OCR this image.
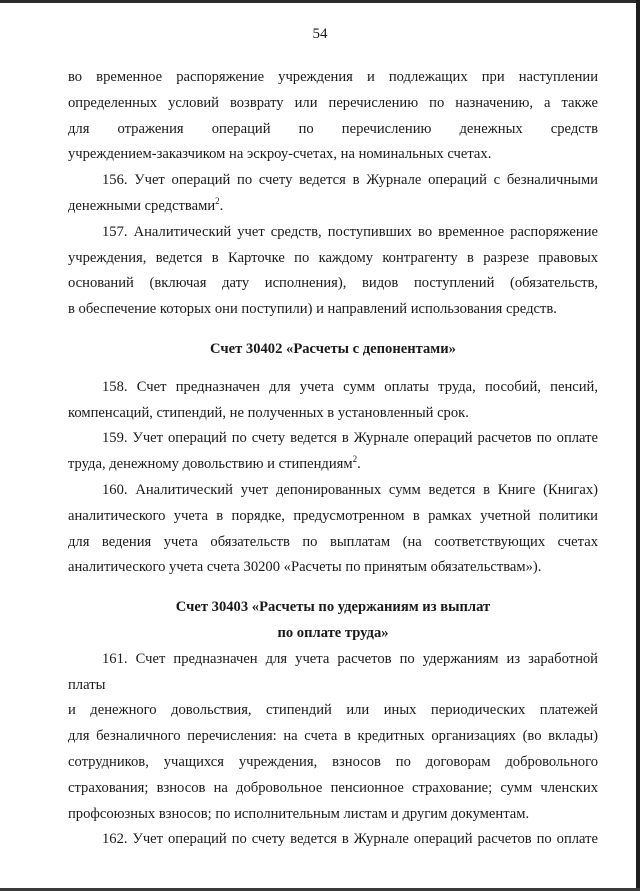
54

во временное распоряжение учреждения и подлежащих при наступлении

определенных условий возврату или перечислению по назначению, а также

для отражения операций по перечислению денежных средств

учреждением-заказчиком на эскроу-счетах, на номинальных счетах.

156. Учет операций по счету ведется в Журнале операций с безналичными

денежными средствами$^2$.

157. Аналитический учет средств, поступивших во временное распоряжение

учреждения, ведется в Карточке по каждому контрагенту в разрезе правовых

оснований (включая дату исполнения), видов поступлений (обязательств,

в обеспечение которых они поступили) и направлений использования средств.

Счет 30402 «Расчеты с депонентами»

158. Счет предназначен для учета сумм оплаты труда, пособий, пенсий,

компенсаций, стипендий, не полученных в установленный срок.

159. Учет операций по счету ведется в Журнале операций расчетов по оплате

труда, денежному довольствию и стипендиям$^2$.

160. Аналитический учет депонированных сумм ведется в Книге (Книгах)

аналитического учета в порядке, предусмотренном в рамках учетной политики

для ведения учета обязательств по выплатам (на соответствующих счетах

аналитического учета счета 30200 «Расчеты по принятым обязательствам»).

Счет 30403 «Расчеты по удержаниям из выплат
по оплате труда»

161. Счет предназначен для учета расчетов по удержаниям из заработной платы

и денежного довольствия, стипендий или иных периодических платежей

для безналичного перечисления: на счета в кредитных организациях (во вклады)

сотрудников, учащихся учреждения, взносов по договорам добровольного

страхования; взносов на добровольное пенсионное страхование; сумм членских

профсоюзных взносов; по исполнительным листам и другим документам.

162. Учет операций по счету ведется в Журнале операций расчетов по оплате
